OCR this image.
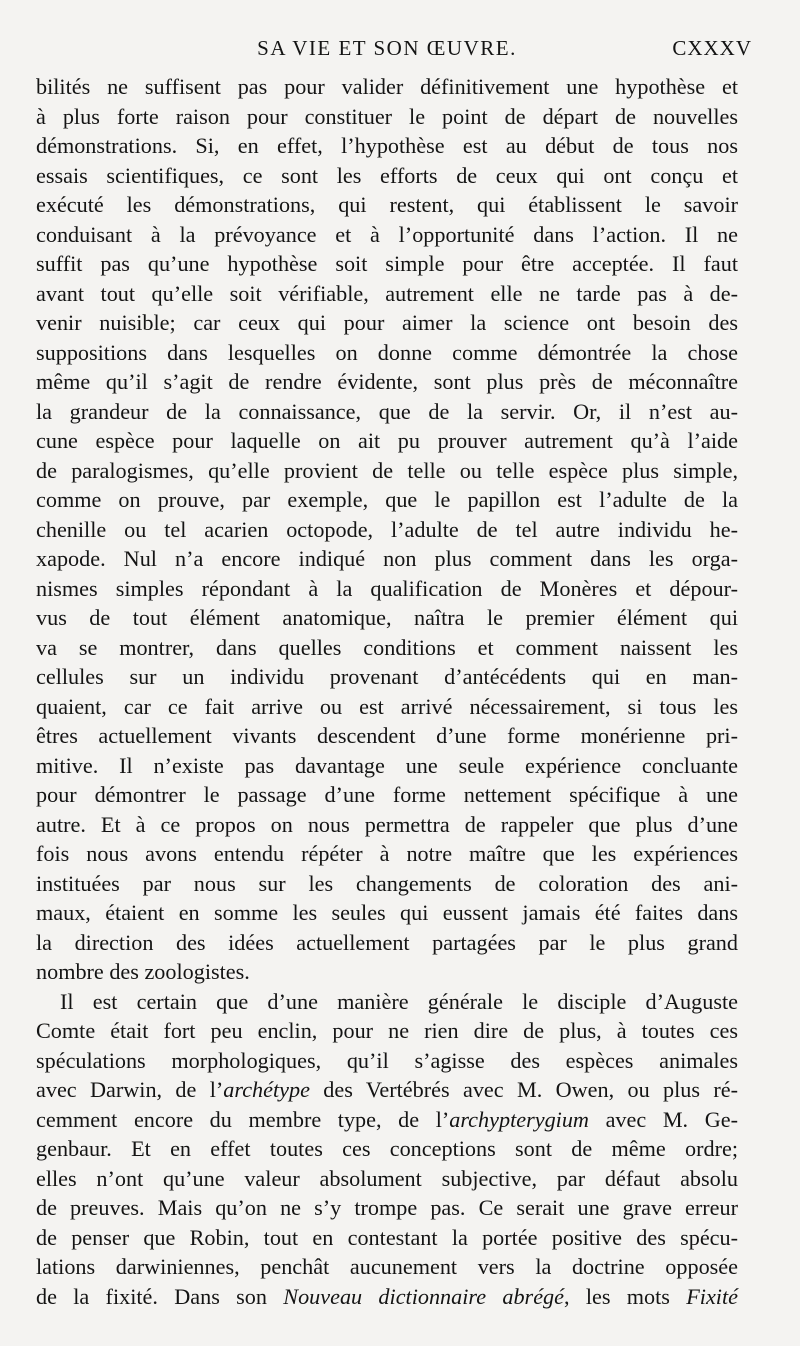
SA VIE ET SON ŒUVRE.	CXXXV
bilités ne suffisent pas pour valider définitivement une hypothèse et
à plus forte raison pour constituer le point de départ de nouvelles
démonstrations. Si, en effet, l’hypothèse est au début de tous nos
essais scientifiques, ce sont les efforts de ceux qui ont conçu et
exécuté les démonstrations, qui restent, qui établissent le savoir
conduisant à la prévoyance et à l’opportunité dans l’action. Il ne
suffit pas qu’une hypothèse soit simple pour être acceptée. Il faut
avant tout qu’elle soit vérifiable, autrement elle ne tarde pas à de-
venir nuisible; car ceux qui pour aimer la science ont besoin des
suppositions dans lesquelles on donne comme démontrée la chose
même qu’il s’agit de rendre évidente, sont plus près de méconnaître
la grandeur de la connaissance, que de la servir. Or, il n’est au-
cune espèce pour laquelle on ait pu prouver autrement qu’à l’aide
de paralogismes, qu’elle provient de telle ou telle espèce plus simple,
comme on prouve, par exemple, que le papillon est l’adulte de la
chenille ou tel acarien octopode, l’adulte de tel autre individu he-
xapode. Nul n’a encore indiqué non plus comment dans les orga-
nismes simples répondant à la qualification de Monères et dépour-
vus de tout élément anatomique, naîtra le premier élément qui
va se montrer, dans quelles conditions et comment naissent les
cellules sur un individu provenant d’antécédents qui en man-
quaient, car ce fait arrive ou est arrivé nécessairement, si tous les
êtres actuellement vivants descendent d’une forme monérienne pri-
mitive. Il n’existe pas davantage une seule expérience concluante
pour démontrer le passage d’une forme nettement spécifique à une
autre. Et à ce propos on nous permettra de rappeler que plus d’une
fois nous avons entendu répéter à notre maître que les expériences
instituées par nous sur les changements de coloration des ani-
maux, étaient en somme les seules qui eussent jamais été faites dans
la direction des idées actuellement partagées par le plus grand
nombre des zoologistes.
Il est certain que d’une manière générale le disciple d’Auguste
Comte était fort peu enclin, pour ne rien dire de plus, à toutes ces
spéculations morphologiques, qu’il s’agisse des espèces animales
avec Darwin, de l’archétype des Vertébrés avec M. Owen, ou plus ré-
cemment encore du membre type, de l’archypterygium avec M. Ge-
genbaur. Et en effet toutes ces conceptions sont de même ordre;
elles n’ont qu’une valeur absolument subjective, par défaut absolu
de preuves. Mais qu’on ne s’y trompe pas. Ce serait une grave erreur
de penser que Robin, tout en contestant la portée positive des spécu-
lations darwiniennes, penchât aucunement vers la doctrine opposée
de la fixité. Dans son Nouveau dictionnaire abrégé, les mots Fixité
